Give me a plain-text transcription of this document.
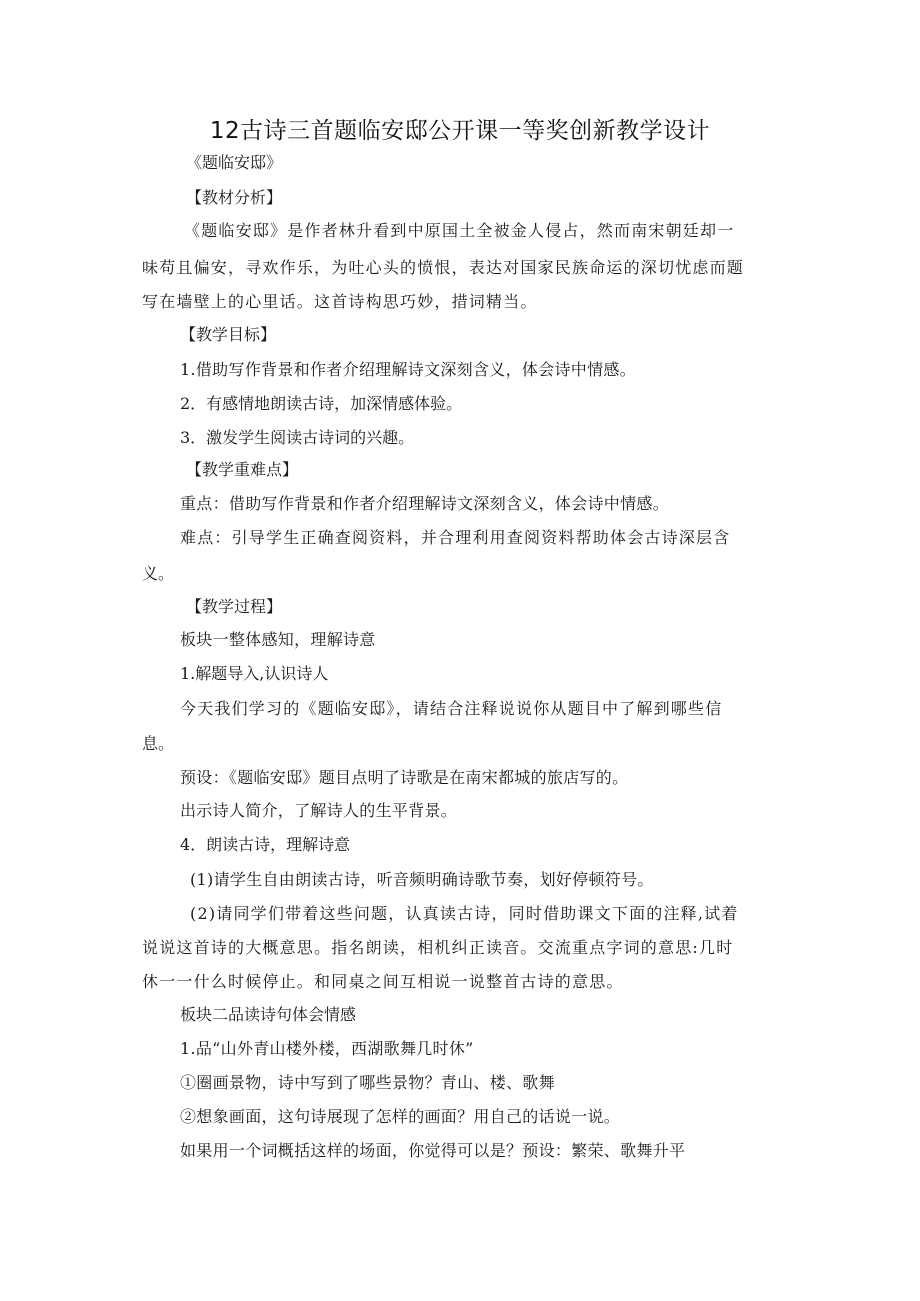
12古诗三首题临安邸公开课一等奖创新教学设计
《题临安邸》
【教材分析】
《题临安邸》是作者林升看到中原国土全被金人侵占，然而南宋朝廷却一
味苟且偏安，寻欢作乐，为吐心头的愤恨，表达对国家民族命运的深切忧虑而题
写在墙壁上的心里话。这首诗构思巧妙，措词精当。
【教学目标】
1.借助写作背景和作者介绍理解诗文深刻含义，体会诗中情感。
2．有感情地朗读古诗，加深情感体验。
3．激发学生阅读古诗词的兴趣。
【教学重难点】
重点：借助写作背景和作者介绍理解诗文深刻含义，体会诗中情感。
难点：引导学生正确查阅资料，并合理利用查阅资料帮助体会古诗深层含
义。
【教学过程】
板块一整体感知，理解诗意
1.解题导入,认识诗人
今天我们学习的《题临安邸》，请结合注释说说你从题目中了解到哪些信
息。
预设：《题临安邸》题目点明了诗歌是在南宋都城的旅店写的。
出示诗人简介，了解诗人的生平背景。
4．朗读古诗，理解诗意
(1)请学生自由朗读古诗，听音频明确诗歌节奏，划好停顿符号。
(2)请同学们带着这些问题，认真读古诗，同时借助课文下面的注释,试着
说说这首诗的大概意思。指名朗读，相机纠正读音。交流重点字词的意思:几时
休一一什么时候停止。和同桌之间互相说一说整首古诗的意思。
板块二品读诗句体会情感
1.品“山外青山楼外楼，西湖歌舞几时休”
①圈画景物，诗中写到了哪些景物？青山、楼、歌舞
②想象画面，这句诗展现了怎样的画面？用自己的话说一说。
如果用一个词概括这样的场面，你觉得可以是？预设：繁荣、歌舞升平
